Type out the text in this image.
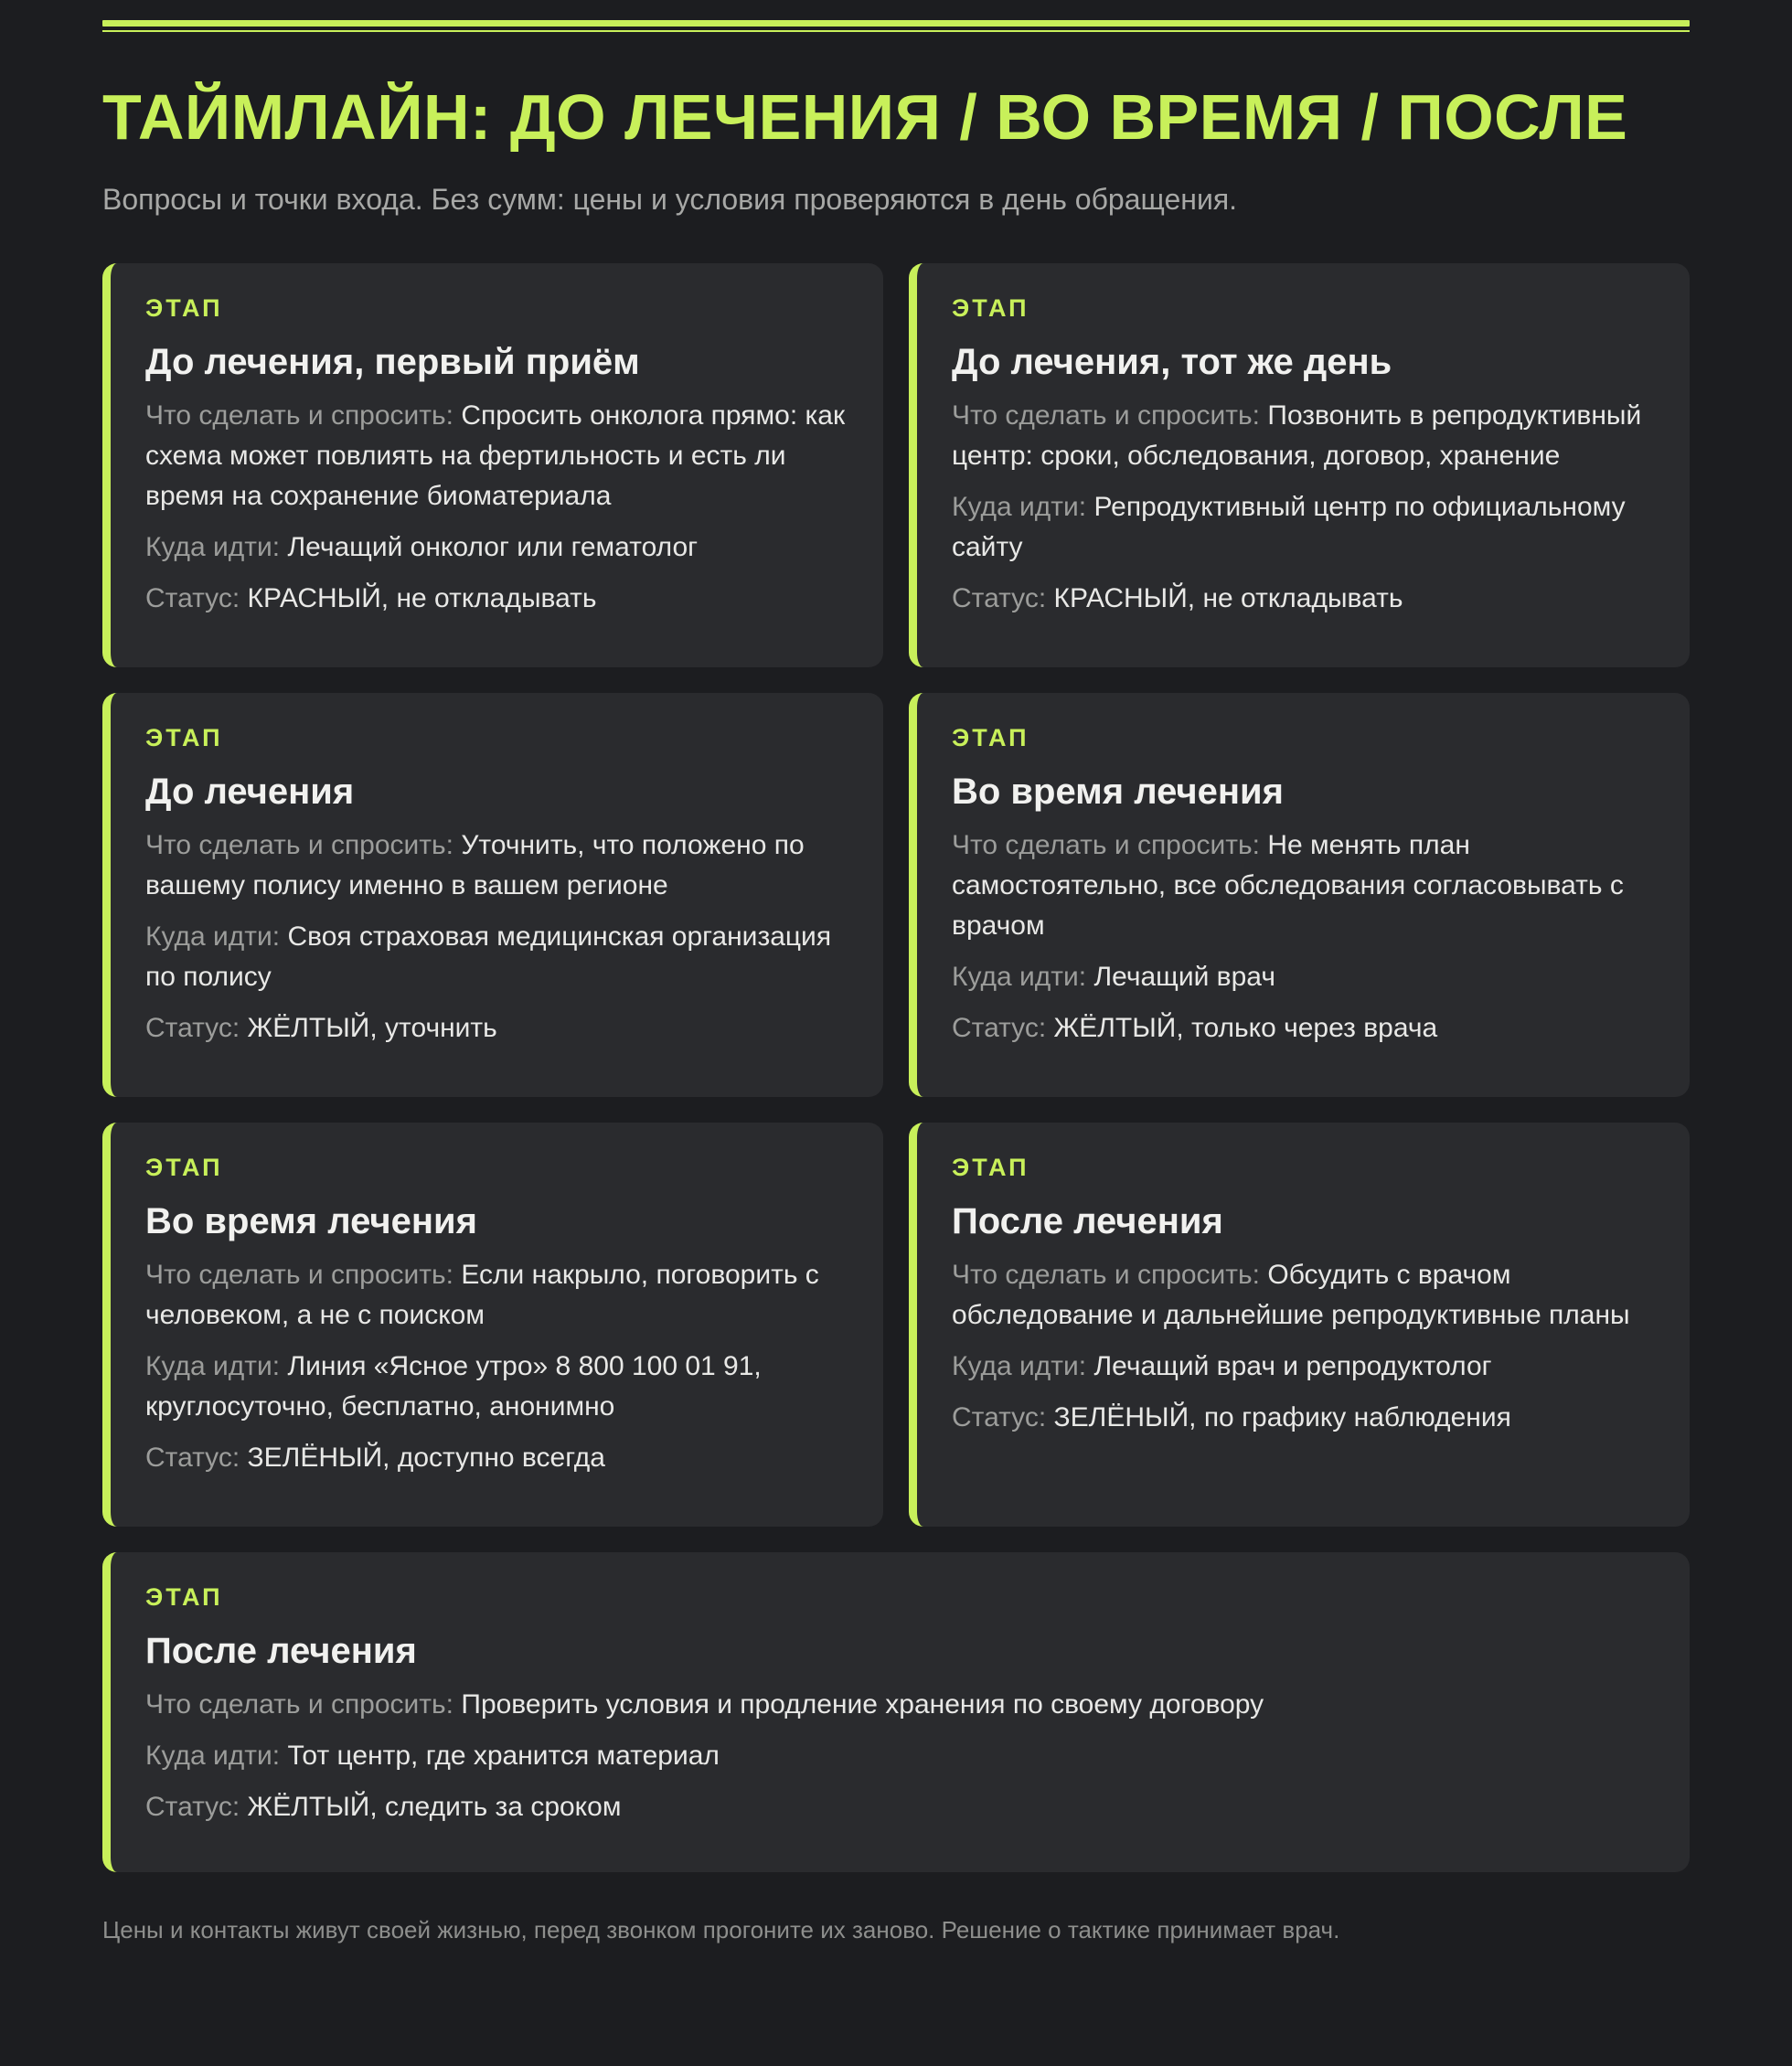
ТАЙМЛАЙН: ДО ЛЕЧЕНИЯ / ВО ВРЕМЯ / ПОСЛЕ

Вопросы и точки входа. Без сумм: цены и условия проверяются в день обращения.

ЭТАП
До лечения, первый приём
Что сделать и спросить: Спросить онколога прямо: как схема может повлиять на фертильность и есть ли время на сохранение биоматериала
Куда идти: Лечащий онколог или гематолог
Статус: КРАСНЫЙ, не откладывать
ЭТАП
До лечения, тот же день
Что сделать и спросить: Позвонить в репродуктивный центр: сроки, обследования, договор, хранение
Куда идти: Репродуктивный центр по официальному сайту
Статус: КРАСНЫЙ, не откладывать
ЭТАП
До лечения
Что сделать и спросить: Уточнить, что положено по вашему полису именно в вашем регионе
Куда идти: Своя страховая медицинская организация по полису
Статус: ЖЁЛТЫЙ, уточнить
ЭТАП
Во время лечения
Что сделать и спросить: Не менять план самостоятельно, все обследования согласовывать с врачом
Куда идти: Лечащий врач
Статус: ЖЁЛТЫЙ, только через врача
ЭТАП
Во время лечения
Что сделать и спросить: Если накрыло, поговорить с человеком, а не с поиском
Куда идти: Линия «Ясное утро» 8 800 100 01 91, круглосуточно, бесплатно, анонимно
Статус: ЗЕЛЁНЫЙ, доступно всегда
ЭТАП
После лечения
Что сделать и спросить: Обсудить с врачом обследование и дальнейшие репродуктивные планы
Куда идти: Лечащий врач и репродуктолог
Статус: ЗЕЛЁНЫЙ, по графику наблюдения
ЭТАП
После лечения
Что сделать и спросить: Проверить условия и продление хранения по своему договору
Куда идти: Тот центр, где хранится материал
Статус: ЖЁЛТЫЙ, следить за сроком
Цены и контакты живут своей жизнью, перед звонком прогоните их заново. Решение о тактике принимает врач.
